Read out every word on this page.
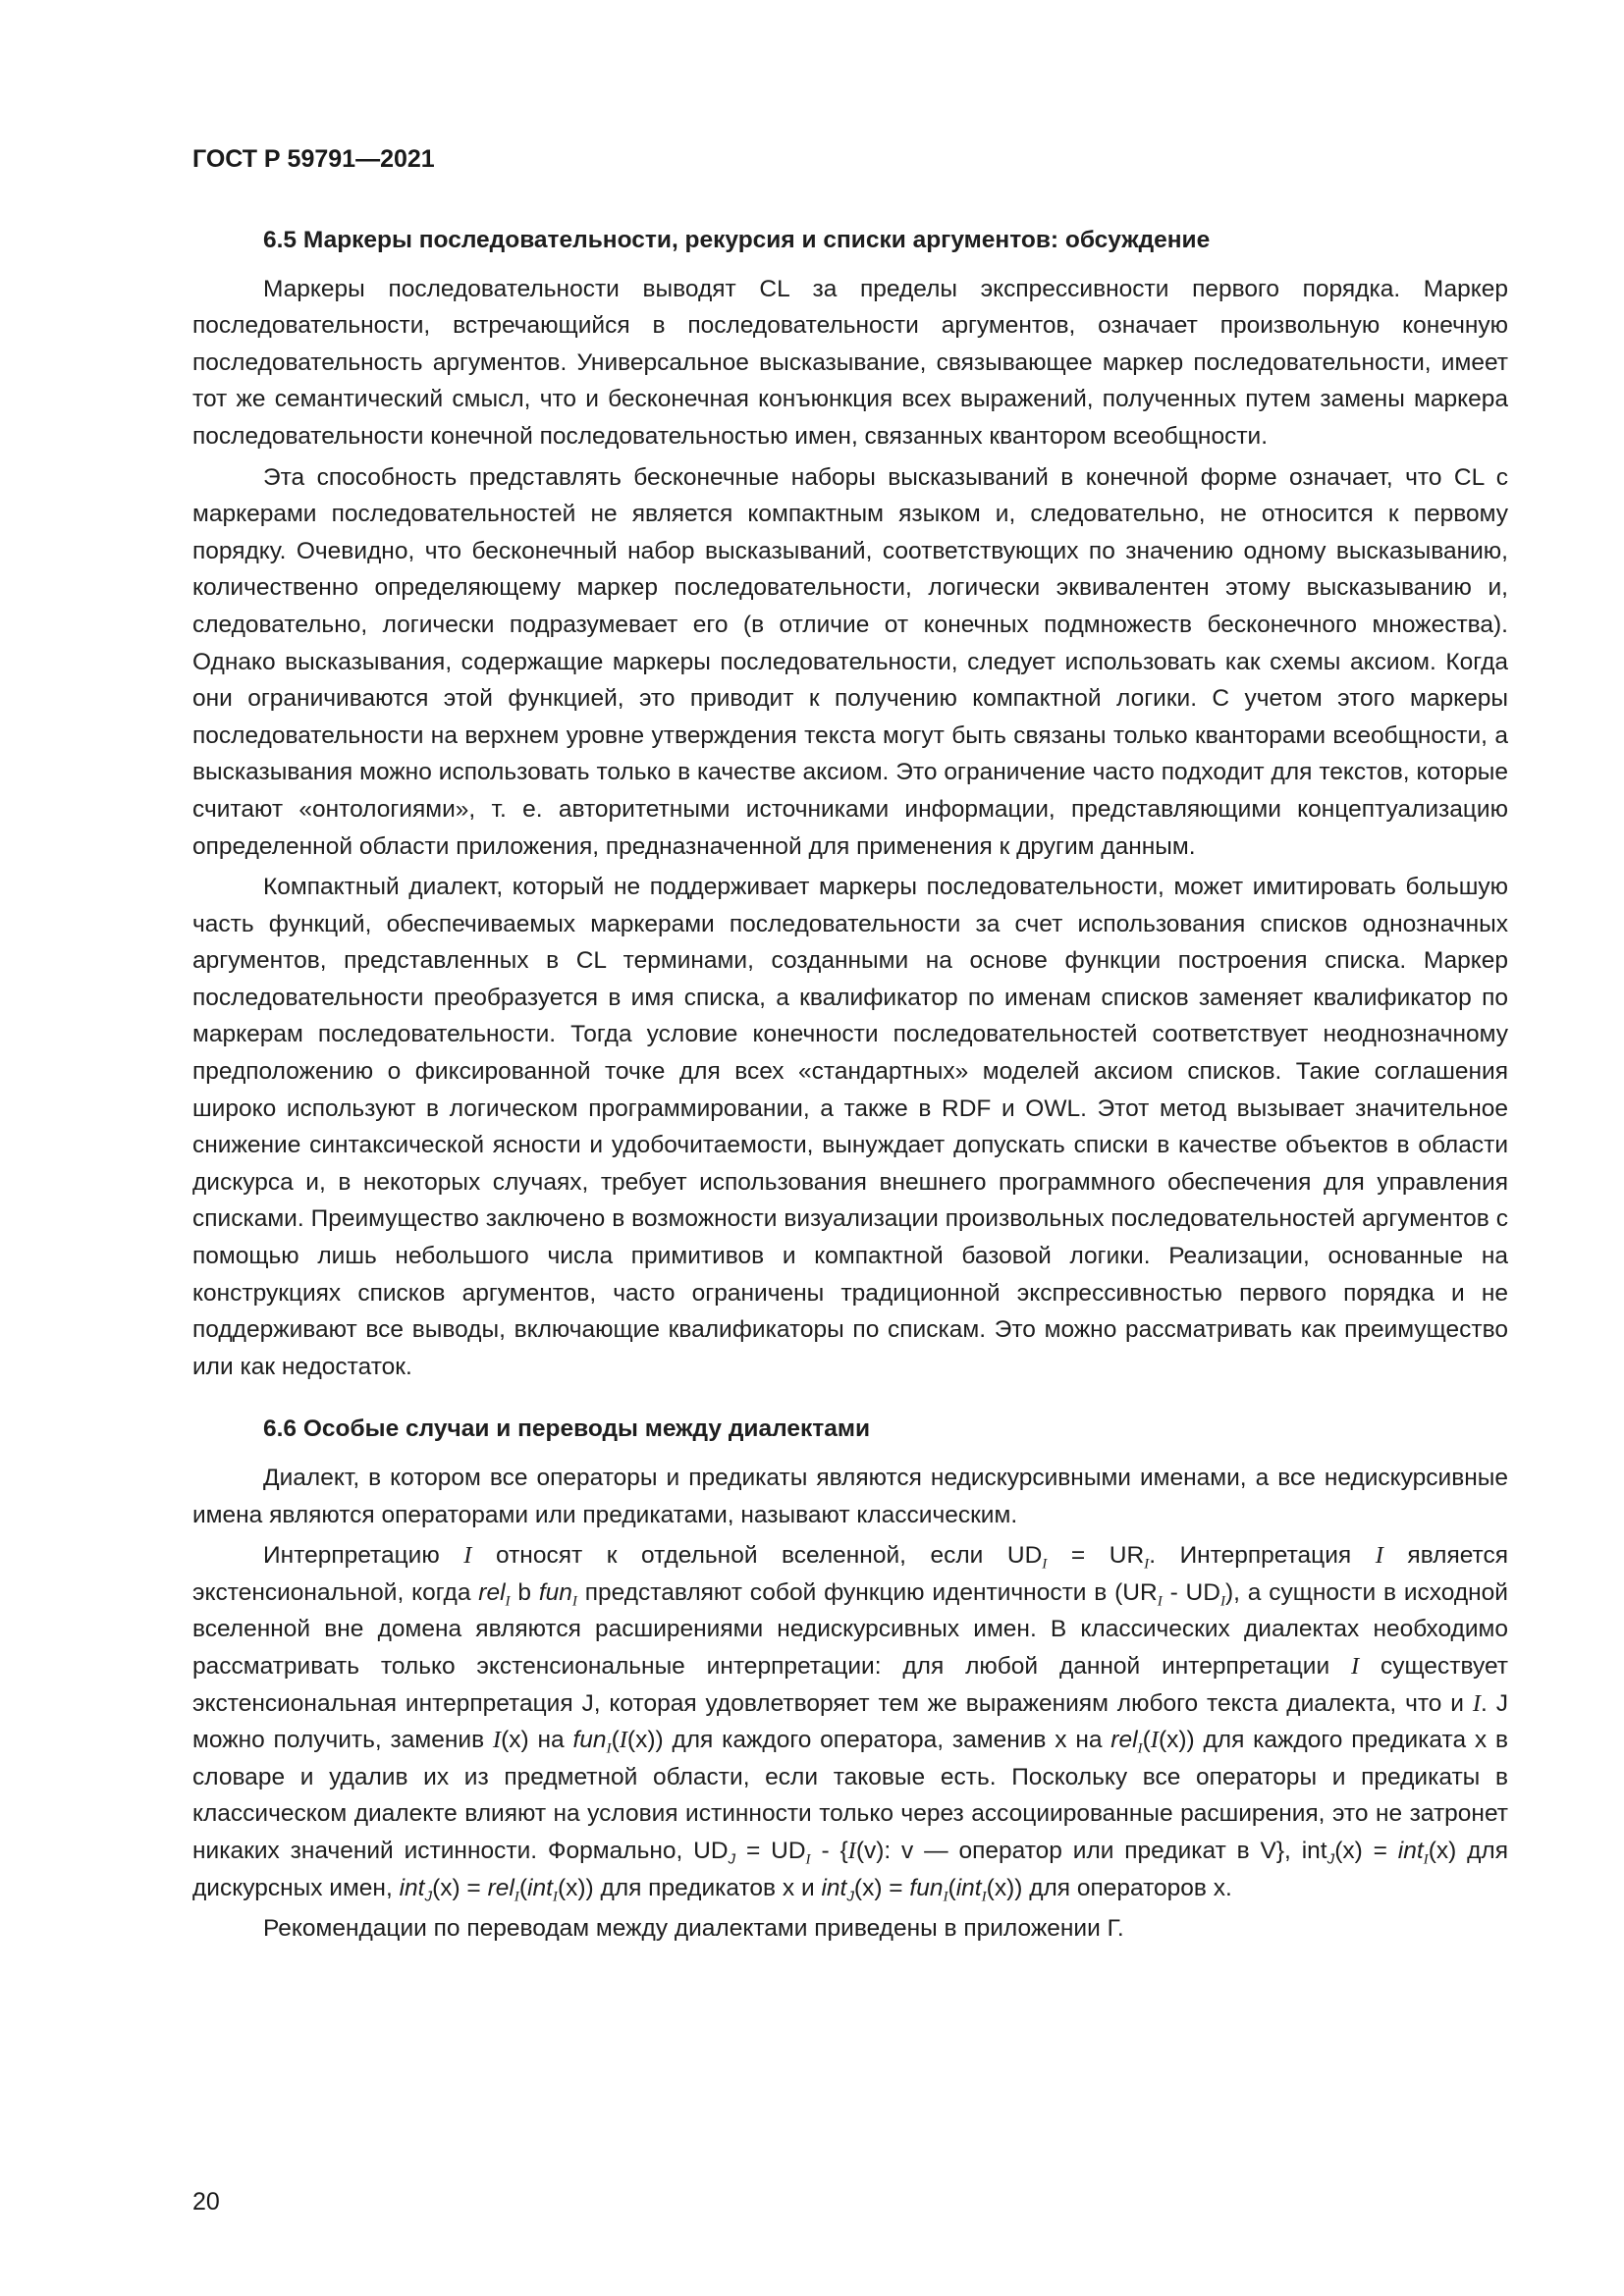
ГОСТ Р 59791—2021
6.5 Маркеры последовательности, рекурсия и списки аргументов: обсуждение

Маркеры последовательности выводят CL за пределы экспрессивности первого порядка. Маркер последовательности, встречающийся в последовательности аргументов, означает произвольную конечную последовательность аргументов. Универсальное высказывание, связывающее маркер последовательности, имеет тот же семантический смысл, что и бесконечная конъюнкция всех выражений, полученных путем замены маркера последовательности конечной последовательностью имен, связанных квантором всеобщности.

Эта способность представлять бесконечные наборы высказываний в конечной форме означает, что CL с маркерами последовательностей не является компактным языком и, следовательно, не относится к первому порядку. Очевидно, что бесконечный набор высказываний, соответствующих по значению одному высказыванию, количественно определяющему маркер последовательности, логически эквивалентен этому высказыванию и, следовательно, логически подразумевает его (в отличие от конечных подмножеств бесконечного множества). Однако высказывания, содержащие маркеры последовательности, следует использовать как схемы аксиом. Когда они ограничиваются этой функцией, это приводит к получению компактной логики. С учетом этого маркеры последовательности на верхнем уровне утверждения текста могут быть связаны только кванторами всеобщности, а высказывания можно использовать только в качестве аксиом. Это ограничение часто подходит для текстов, которые считают «онтологиями», т. е. авторитетными источниками информации, представляющими концептуализацию определенной области приложения, предназначенной для применения к другим данным.

Компактный диалект, который не поддерживает маркеры последовательности, может имитировать большую часть функций, обеспечиваемых маркерами последовательности за счет использования списков однозначных аргументов, представленных в CL терминами, созданными на основе функции построения списка. Маркер последовательности преобразуется в имя списка, а квалификатор по именам списков заменяет квалификатор по маркерам последовательности. Тогда условие конечности последовательностей соответствует неоднозначному предположению о фиксированной точке для всех «стандартных» моделей аксиом списков. Такие соглашения широко используют в логическом программировании, а также в RDF и OWL. Этот метод вызывает значительное снижение синтаксической ясности и удобочитаемости, вынуждает допускать списки в качестве объектов в области дискурса и, в некоторых случаях, требует использования внешнего программного обеспечения для управления списками. Преимущество заключено в возможности визуализации произвольных последовательностей аргументов с помощью лишь небольшого числа примитивов и компактной базовой логики. Реализации, основанные на конструкциях списков аргументов, часто ограничены традиционной экспрессивностью первого порядка и не поддерживают все выводы, включающие квалификаторы по спискам. Это можно рассматривать как преимущество или как недостаток.

6.6 Особые случаи и переводы между диалектами

Диалект, в котором все операторы и предикаты являются недискурсивными именами, а все недискурсивные имена являются операторами или предикатами, называют классическим.

Интерпретацию I относят к отдельной вселенной, если $UD_I = UR_I$. Интерпретация I является экстенсиональной, когда rel$_I$ b fun$_I$ представляют собой функцию идентичности в $(UR_I - UD_I)$, а сущности в исходной вселенной вне домена являются расширениями недискурсивных имен. В классических диалектах необходимо рассматривать только экстенсиональные интерпретации: для любой данной интерпретации I существует экстенсиональная интерпретация J, которая удовлетворяет тем же выражениям любого текста диалекта, что и I. J можно получить, заменив I(x) на fun$_I$(I(x)) для каждого оператора, заменив x на rel$_I$(I(x)) для каждого предиката x в словаре и удалив их из предметной области, если таковые есть. Поскольку все операторы и предикаты в классическом диалекте влияют на условия истинности только через ассоциированные расширения, это не затронет никаких значений истинности. Формально, $UD_J = UD_I - \{I(v)$: v — оператор или предикат в V}, int$_J$(x) = int$_I$(x) для дискурсных имен, int$_J$(x) = rel$_I$(int$_I$(x)) для предикатов x и int$_J$(x) = fun$_I$(int$_I$(x)) для операторов x.

Рекомендации по переводам между диалектами приведены в приложении Г.

20
